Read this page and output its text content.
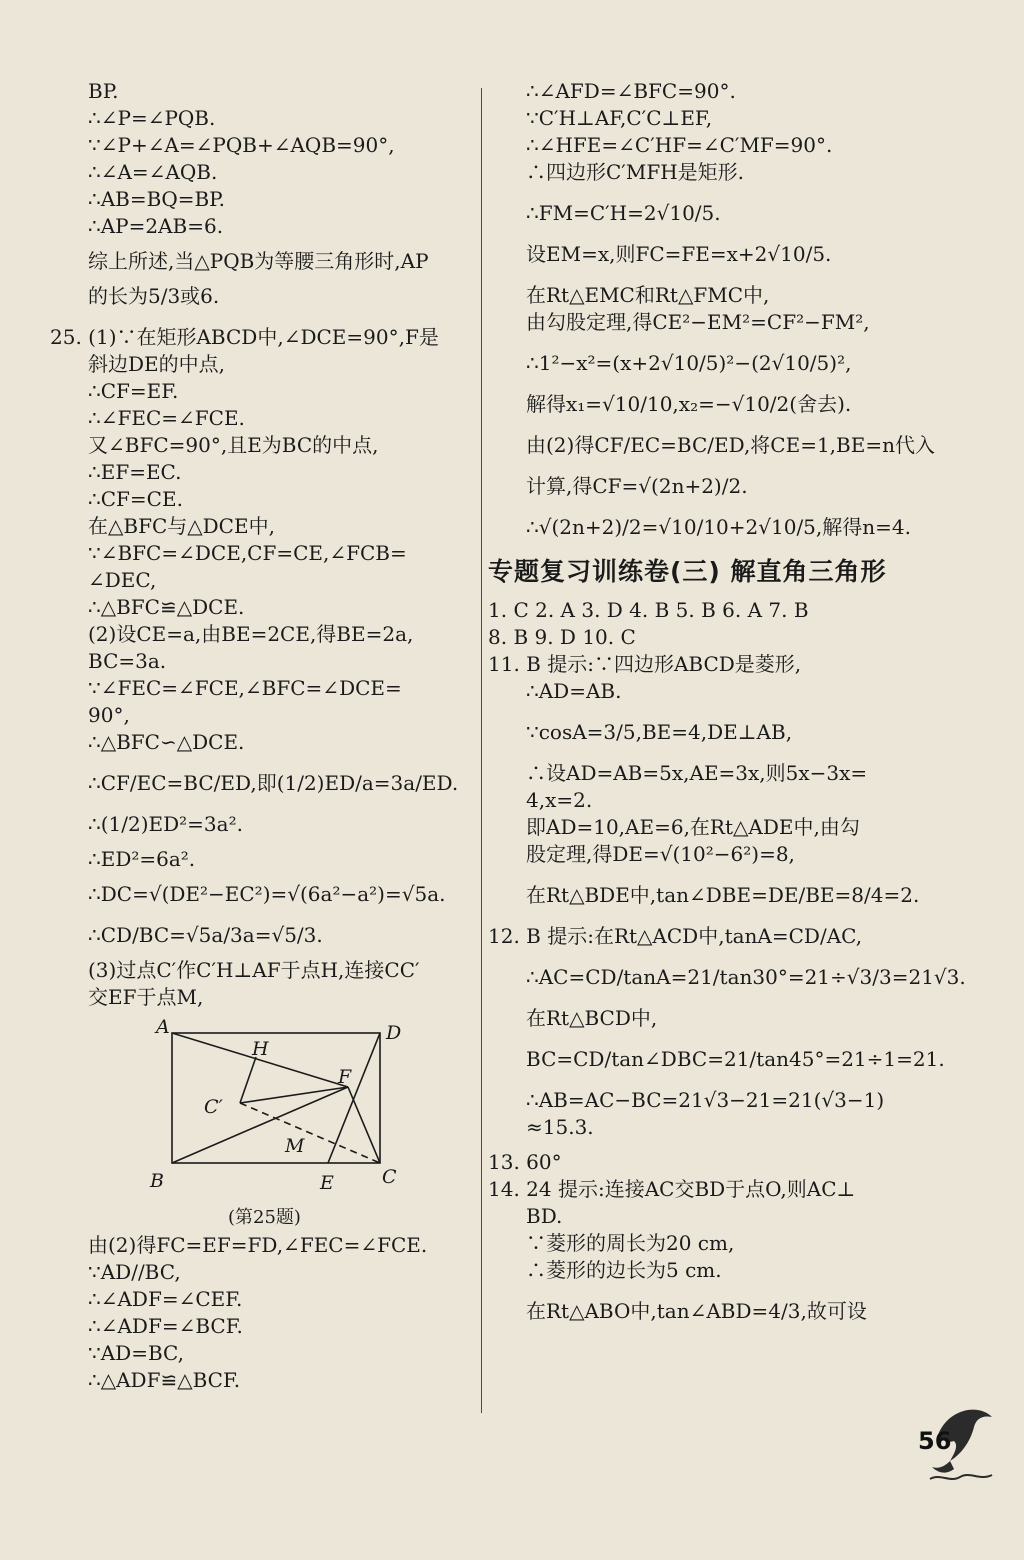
BP.
∴∠P=∠PQB.
∵∠P+∠A=∠PQB+∠AQB=90°,
∴∠A=∠AQB.
∴AB=BQ=BP.
∴AP=2AB=6.
综上所述,当△PQB为等腰三角形时,AP
的长为5/3或6.
25. (1)∵在矩形ABCD中,∠DCE=90°,F是
斜边DE的中点,
∴CF=EF.
∴∠FEC=∠FCE.
又∠BFC=90°,且E为BC的中点,
∴EF=EC.
∴CF=CE.
在△BFC与△DCE中,
∵∠BFC=∠DCE,CF=CE,∠FCB=
∠DEC,
∴△BFC≌△DCE.
(2)设CE=a,由BE=2CE,得BE=2a,
BC=3a.
∵∠FEC=∠FCE,∠BFC=∠DCE=
90°,
∴△BFC∽△DCE.
∴CF/EC=BC/ED,即(1/2)ED/a=3a/ED.
∴(1/2)ED²=3a².
∴ED²=6a².
∴DC=√(DE²−EC²)=√(6a²−a²)=√5a.
∴CD/BC=√5a/3a=√5/3.
(3)过点C′作C′H⊥AF于点H,连接CC′
交EF于点M,
A	D
H
F
C′
M
B	E	C
(第25题)
由(2)得FC=EF=FD,∠FEC=∠FCE.
∵AD//BC,
∴∠ADF=∠CEF.
∴∠ADF=∠BCF.
∵AD=BC,
∴△ADF≌△BCF.
∴∠AFD=∠BFC=90°.
∵C′H⊥AF,C′C⊥EF,
∴∠HFE=∠C′HF=∠C′MF=90°.
∴四边形C′MFH是矩形.
∴FM=C′H=2√10/5.
设EM=x,则FC=FE=x+2√10/5.
在Rt△EMC和Rt△FMC中,
由勾股定理,得CE²−EM²=CF²−FM²,
∴1²−x²=(x+2√10/5)²−(2√10/5)²,
解得x₁=√10/10,x₂=−√10/2(舍去).
由(2)得CF/EC=BC/ED,将CE=1,BE=n代入
计算,得CF=√(2n+2)/2.
∴√(2n+2)/2=√10/10+2√10/5,解得n=4.
专题复习训练卷(三) 解直角三角形
1. C 2. A 3. D 4. B 5. B 6. A 7. B
8. B 9. D 10. C
11. B 提示:∵四边形ABCD是菱形,
∴AD=AB.
∵cosA=3/5,BE=4,DE⊥AB,
∴设AD=AB=5x,AE=3x,则5x−3x=
4,x=2.
即AD=10,AE=6,在Rt△ADE中,由勾
股定理,得DE=√(10²−6²)=8,
在Rt△BDE中,tan∠DBE=DE/BE=8/4=2.
12. B 提示:在Rt△ACD中,tanA=CD/AC,
∴AC=CD/tanA=21/tan30°=21÷√3/3=21√3.
在Rt△BCD中,
BC=CD/tan∠DBC=21/tan45°=21÷1=21.
∴AB=AC−BC=21√3−21=21(√3−1)
≈15.3.
13. 60°
14. 24 提示:连接AC交BD于点O,则AC⊥
BD.
∵菱形的周长为20 cm,
∴菱形的边长为5 cm.
在Rt△ABO中,tan∠ABD=4/3,故可设
56
